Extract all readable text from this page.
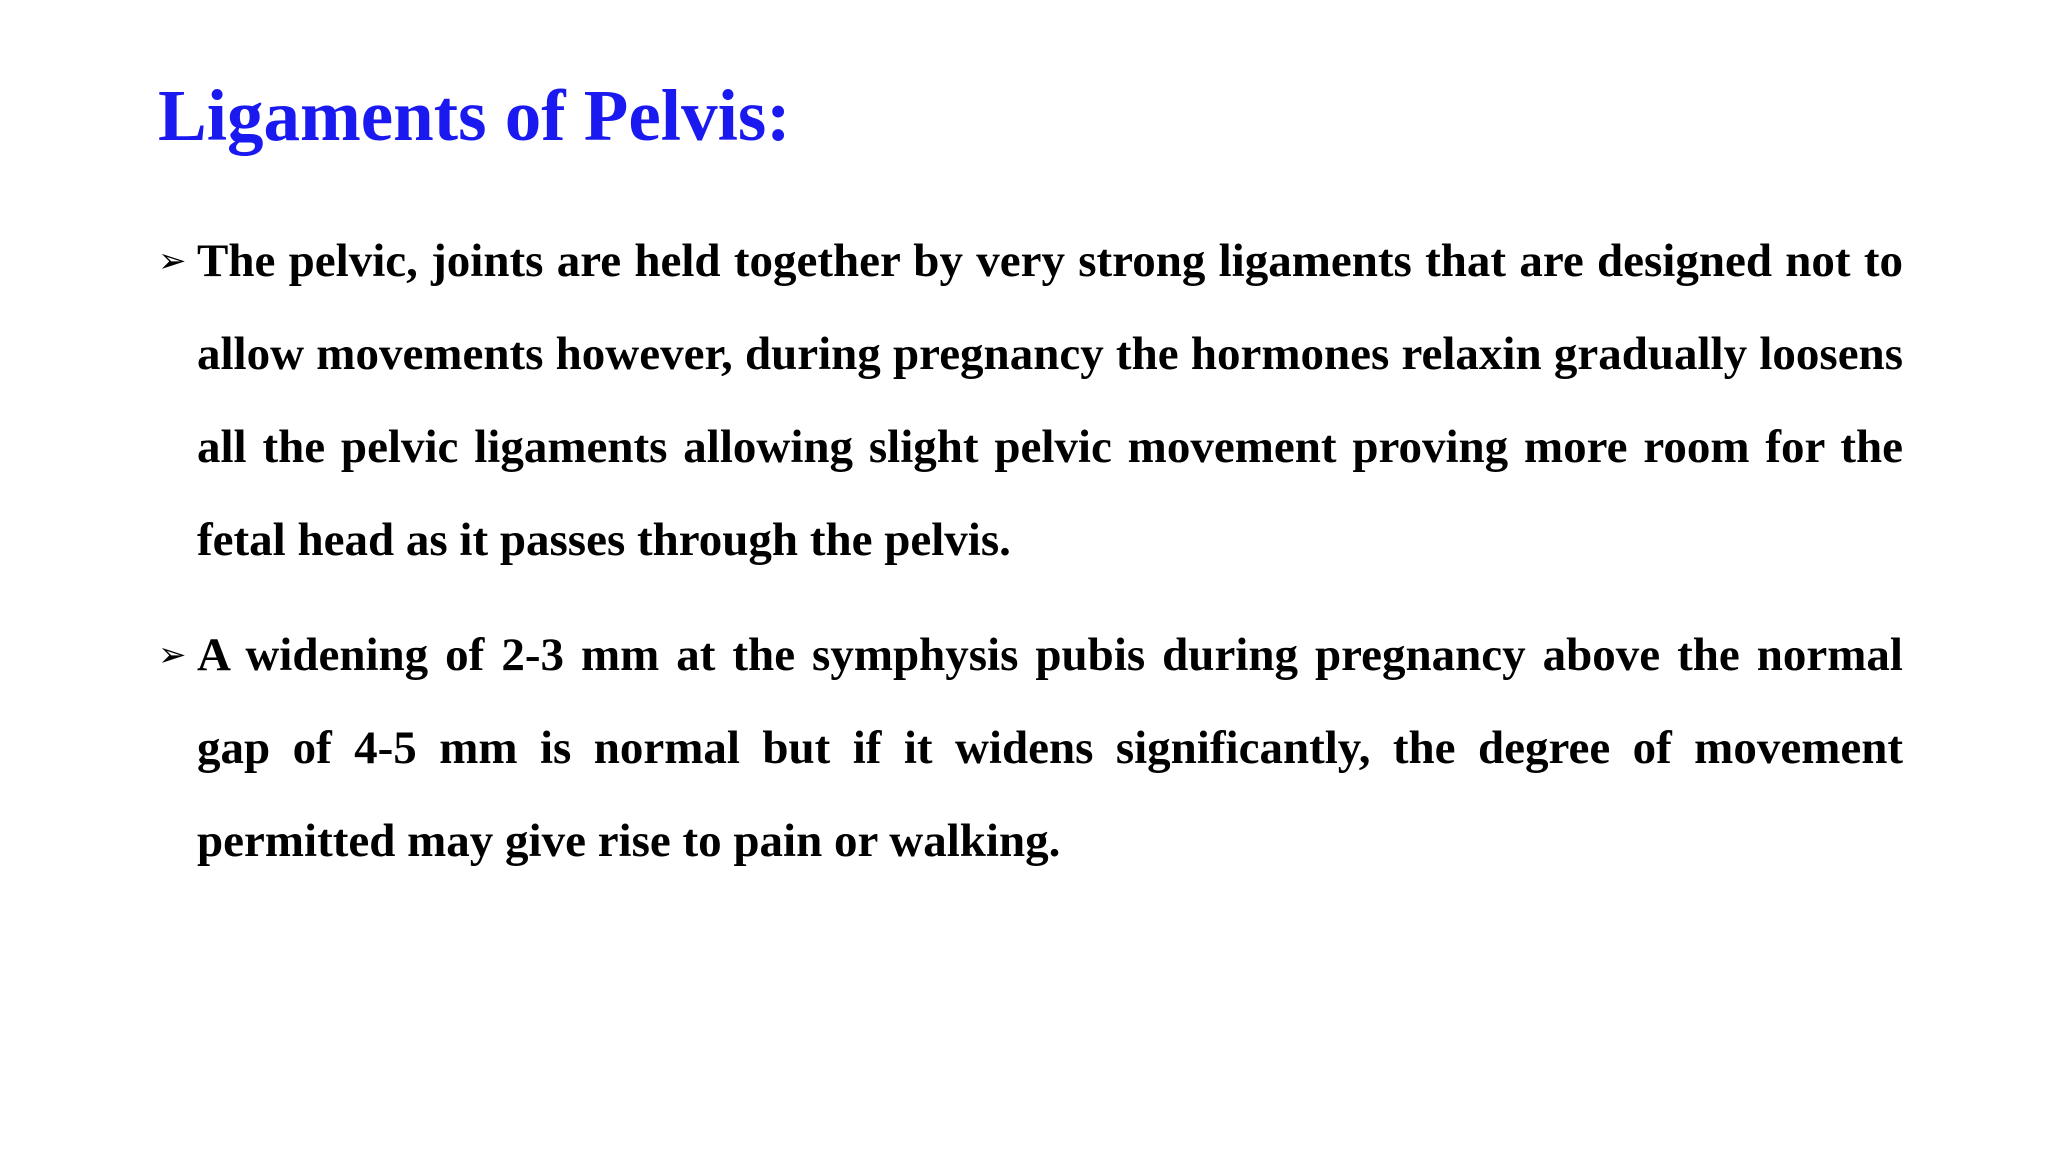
Ligaments of Pelvis:
➢ The pelvic, joints are held together by very strong ligaments that are designed not to allow movements however, during pregnancy the hormones relaxin gradually loosens all the pelvic ligaments allowing slight pelvic movement proving more room for the fetal head as it passes through the pelvis.

➢ A widening of 2-3 mm at the symphysis pubis during pregnancy above the normal gap of 4-5 mm is normal but if it widens significantly, the degree of movement permitted may give rise to pain or walking.
